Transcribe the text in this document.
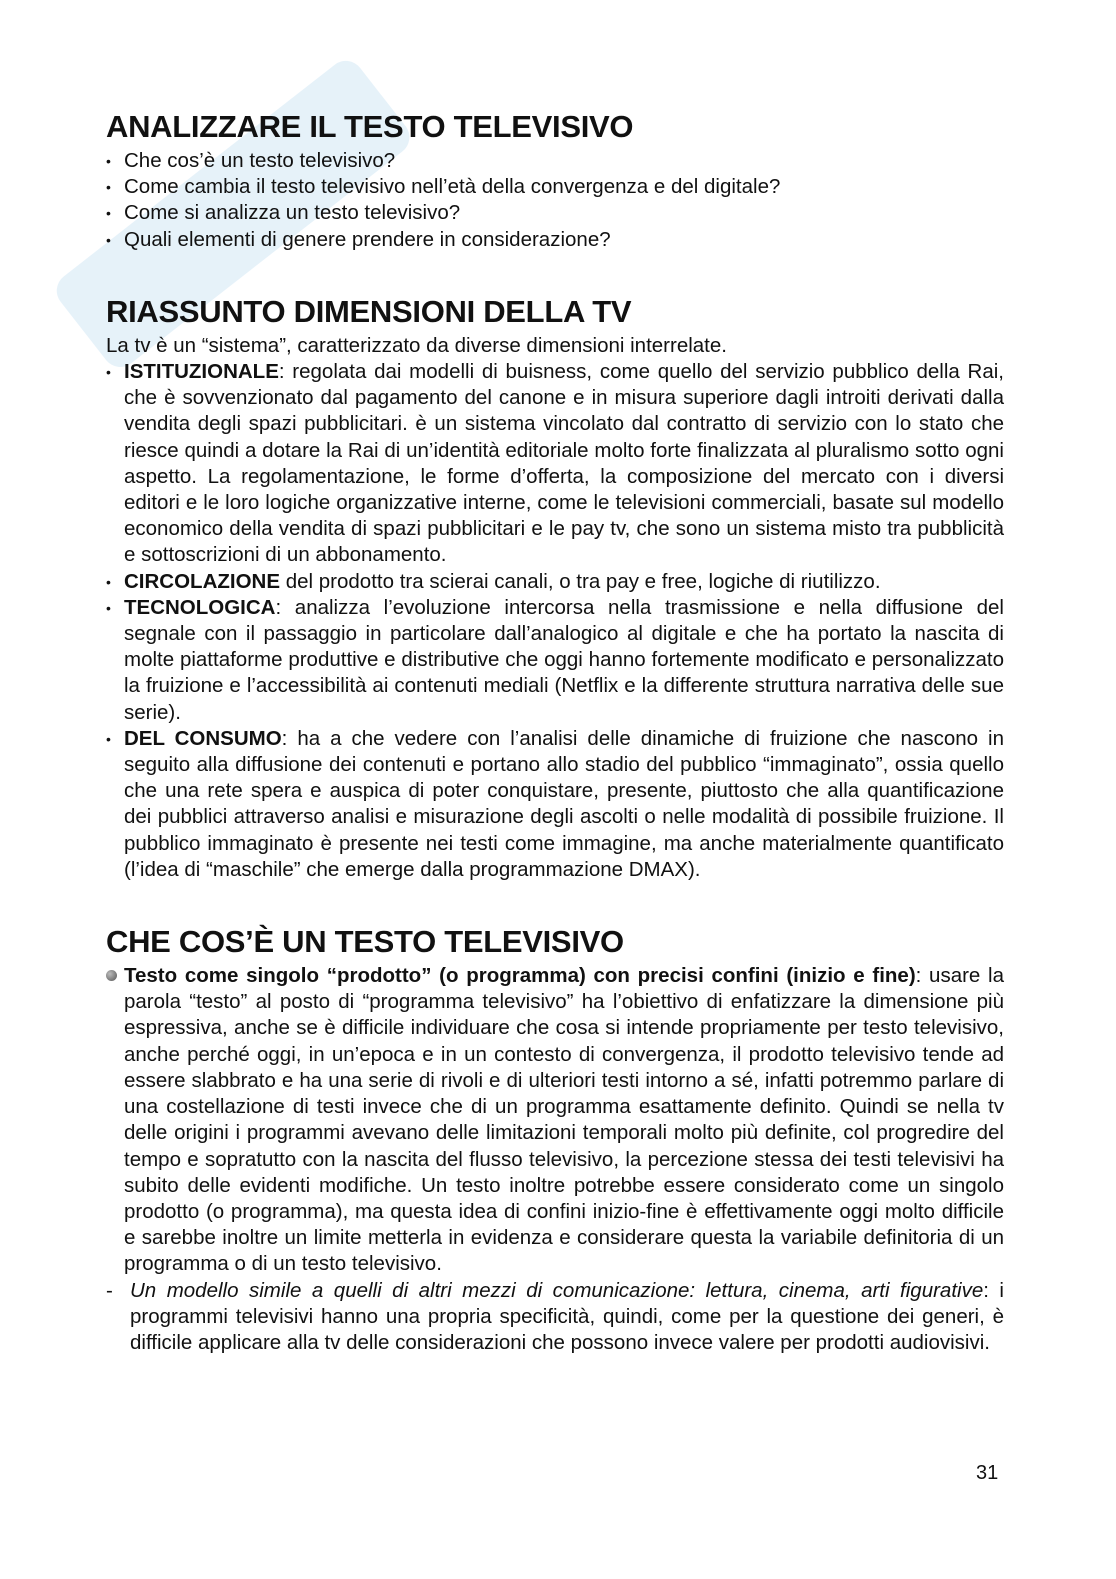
ANALIZZARE IL TESTO TELEVISIVO
• Che cos’è un testo televisivo?
• Come cambia il testo televisivo nell’età della convergenza e del digitale?
• Come si analizza un testo televisivo?
• Quali elementi di genere prendere in considerazione?
RIASSUNTO DIMENSIONI DELLA TV

La tv è un “sistema”, caratterizzato da diverse dimensioni interrelate.

• ISTITUZIONALE: regolata dai modelli di buisness, come quello del servizio pubblico della Rai, che è sovvenzionato dal pagamento del canone e in misura superiore dagli introiti derivati dalla vendita degli spazi pubblicitari. è un sistema vincolato dal contratto di servizio con lo stato che riesce quindi a dotare la Rai di un’identità editoriale molto forte finalizzata al pluralismo sotto ogni aspetto. La regolamentazione, le forme d’offerta, la composizione del mercato con i diversi editori e le loro logiche organizzative interne, come le televisioni commerciali, basate sul modello economico della vendita di spazi pubblicitari e le pay tv, che sono un sistema misto tra pubblicità e sottoscrizioni di un abbonamento.
• CIRCOLAZIONE del prodotto tra scierai canali, o tra pay e free, logiche di riutilizzo.
• TECNOLOGICA: analizza l’evoluzione intercorsa nella trasmissione e nella diffusione del segnale con il passaggio in particolare dall’analogico al digitale e che ha portato la nascita di molte piattaforme produttive e distributive che oggi hanno fortemente modificato e personalizzato la fruizione e l’accessibilità ai contenuti mediali (Netflix e la differente struttura narrativa delle sue serie).
• DEL CONSUMO: ha a che vedere con l’analisi delle dinamiche di fruizione che nascono in seguito alla diffusione dei contenuti e portano allo stadio del pubblico “immaginato”, ossia quello che una rete spera e auspica di poter conquistare, presente, piuttosto che alla quantificazione dei pubblici attraverso analisi e misurazione degli ascolti o nelle modalità di possibile fruizione. Il pubblico immaginato è presente nei testi come immagine, ma anche materialmente quantificato (l’idea di “maschile” che emerge dalla programmazione DMAX).
CHE COS’È UN TESTO TELEVISIVO

Testo come singolo “prodotto” (o programma) con precisi confini (inizio e fine): usare la parola “testo” al posto di “programma televisivo” ha l’obiettivo di enfatizzare la dimensione più espressiva, anche se è difficile individuare che cosa si intende propriamente per testo televisivo, anche perché oggi, in un’epoca e in un contesto di convergenza, il prodotto televisivo tende ad essere slabbrato e ha una serie di rivoli e di ulteriori testi intorno a sé, infatti potremmo parlare di una costellazione di testi invece che di un programma esattamente definito. Quindi se nella tv delle origini i programmi avevano delle limitazioni temporali molto più definite, col progredire del tempo e sopratutto con la nascita del flusso televisivo, la percezione stessa dei testi televisivi ha subito delle evidenti modifiche. Un testo inoltre potrebbe essere considerato come un singolo prodotto (o programma), ma questa idea di confini inizio-fine è effettivamente oggi molto difficile e sarebbe inoltre un limite metterla in evidenza e considerare questa la variabile definitoria di un programma o di un testo televisivo.

- Un modello simile a quelli di altri mezzi di comunicazione: lettura, cinema, arti figurative: i programmi televisivi hanno una propria specificità, quindi, come per la questione dei generi, è difficile applicare alla tv delle considerazioni che possono invece valere per prodotti audiovisivi.

31
